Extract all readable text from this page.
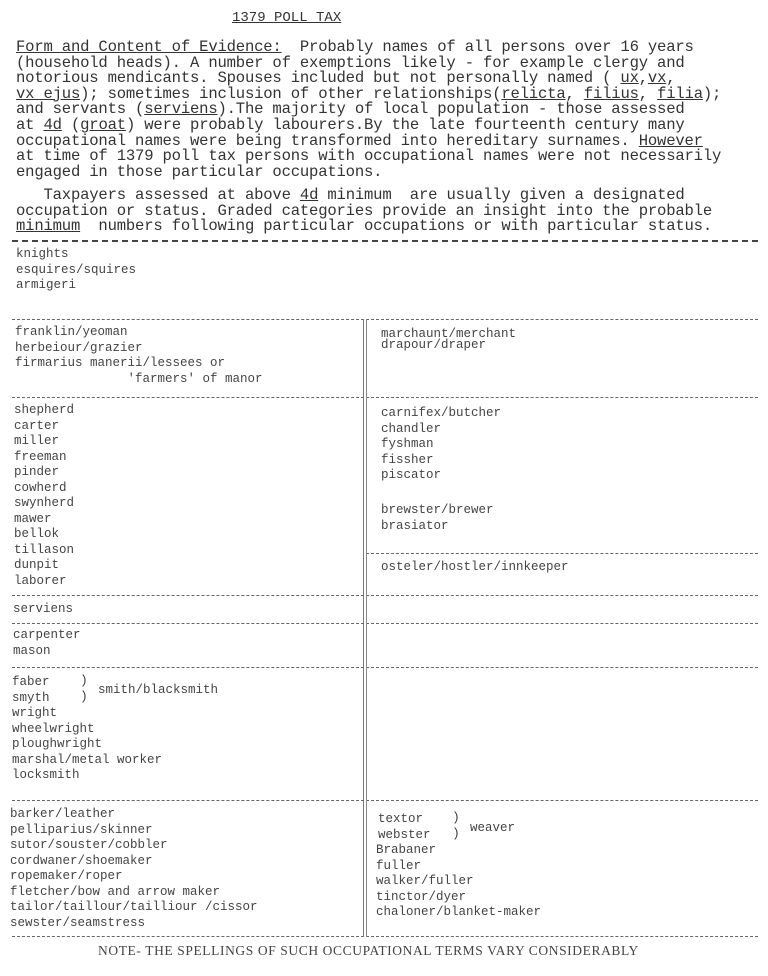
1379 POLL TAX
Form and Content of Evidence:  Probably names of all persons over 16 years
(household heads). A number of exemptions likely - for example clergy and
notorious mendicants. Spouses included but not personally named ( ux,vx,
vx ejus); sometimes inclusion of other relationships(relicta, filius, filia);
and servants (serviens).The majority of local population - those assessed
at 4d (groat) were probably labourers.By the late fourteenth century many
occupational names were being transformed into hereditary surnames. However
at time of 1379 poll tax persons with occupational names were not necessarily
engaged in those particular occupations.
Taxpayers assessed at above 4d minimum  are usually given a designated
occupation or status. Graded categories provide an insight into the probable
minimum  numbers following particular occupations or with particular status.
knights
esquires/squires
armigeri
franklin/yeoman
herbeiour/grazier
firmarius manerii/lessees or
'farmers' of manor
marchaunt/merchant
drapour/draper
shepherd
carter
miller
freeman
pinder
cowherd
swynherd
mawer
bellok
tillason
dunpit
laborer
carnifex/butcher
chandler
fyshman
fissher
piscator
brewster/brewer
brasiator
osteler/hostler/innkeeper
serviens
carpenter
mason
faber
smyth
)
) smith/blacksmith
wright
wheelwright
ploughwright
marshal/metal worker
locksmith
barker/leather
pelliparius/skinner
sutor/souster/cobbler
cordwaner/shoemaker
ropemaker/roper
fletcher/bow and arrow maker
tailor/taillour/tailliour /cissor
sewster/seamstress
textor
webster
)
) weaver
Brabaner
fuller
walker/fuller
tinctor/dyer
chaloner/blanket-maker
NOTE- THE SPELLINGS OF SUCH OCCUPATIONAL TERMS VARY CONSIDERABLY
